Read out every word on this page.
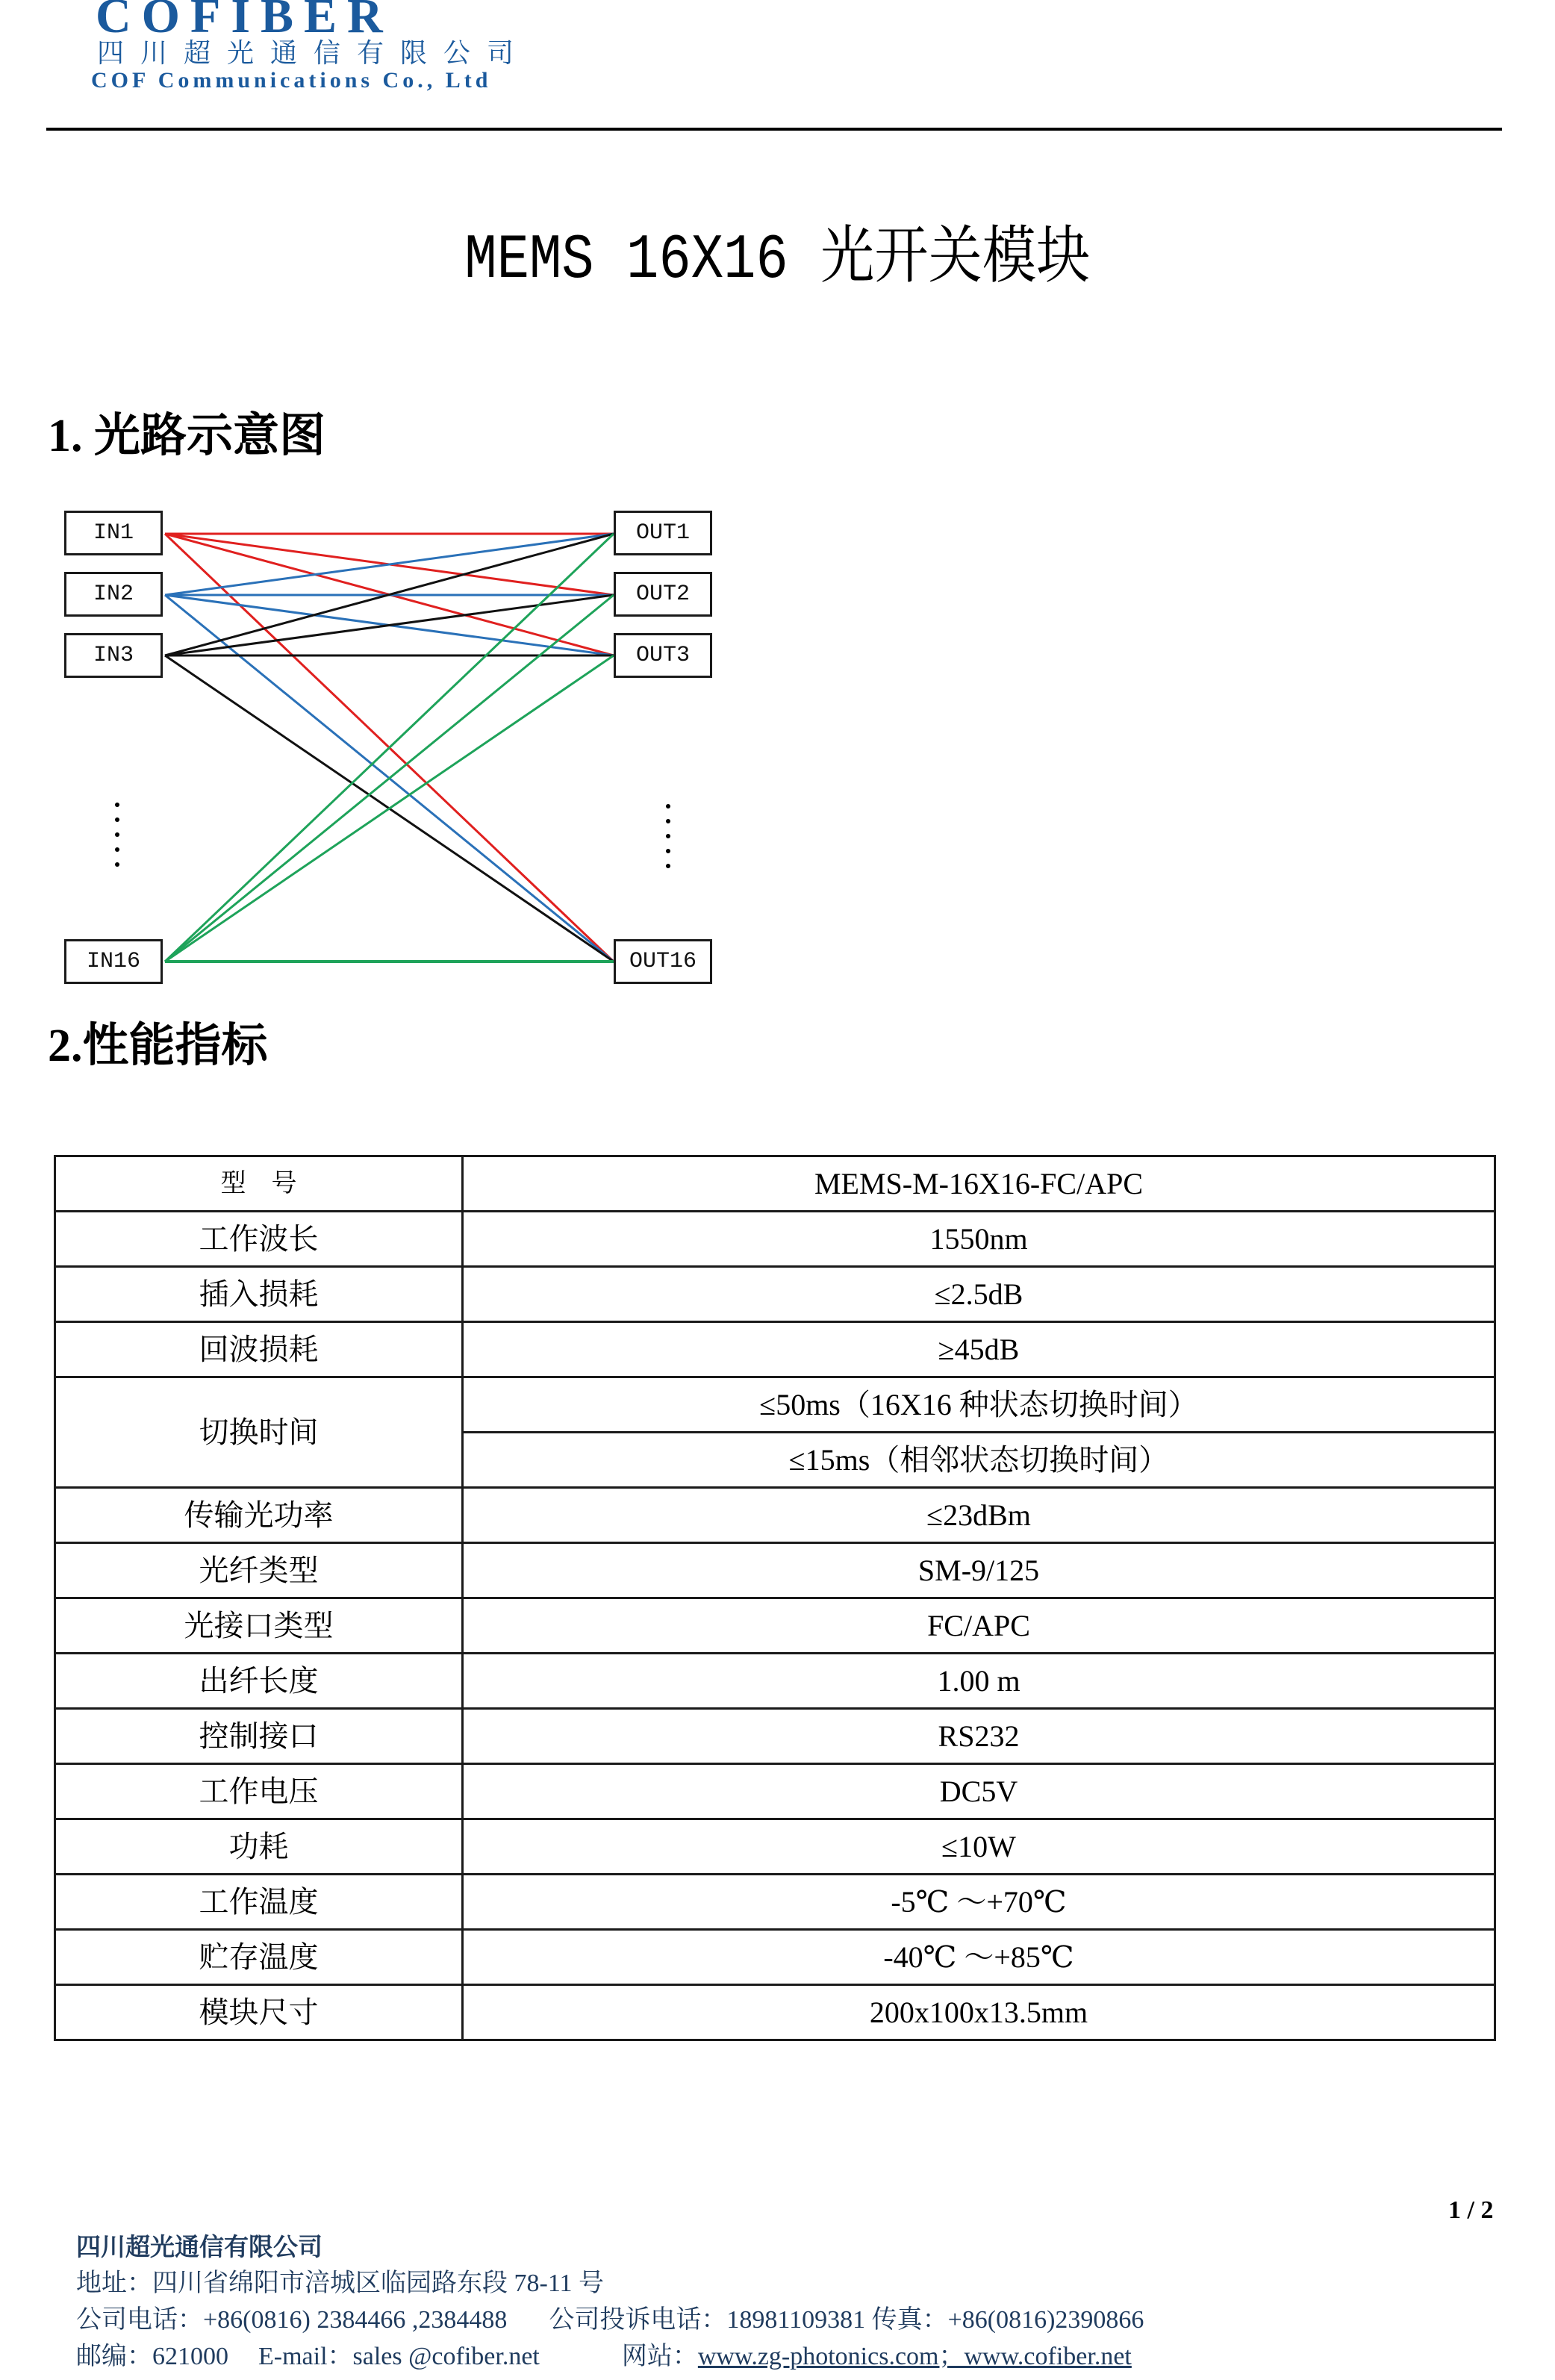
COFIBER
四川超光通信有限公司
COF Communications Co., Ltd
MEMS 16X16 光开关模块
1. 光路示意图
IN1
IN2
IN3
IN16
OUT1
OUT2
OUT3
OUT16
2.性能指标
型　号	MEMS-M-16X16-FC/APC
工作波长	1550nm
插入损耗	≤2.5dB
回波损耗	≥45dB
切换时间	≤50ms（16X16 种状态切换时间）
	≤15ms（相邻状态切换时间）
传输光功率	≤23dBm
光纤类型	SM-9/125
光接口类型	FC/APC
出纤长度	1.00 m
控制接口	RS232
工作电压	DC5V
功耗	≤10W
工作温度	-5℃ ～+70℃
贮存温度	-40℃ ～+85℃
模块尺寸	200x100x13.5mm
1 / 2
四川超光通信有限公司
地址：四川省绵阳市涪城区临园路东段 78-11 号
公司电话：+86(0816) 2384466 ,2384488 公司投诉电话：18981109381 传真：+86(0816)2390866
邮编：621000 E-mail：sales @cofiber.net	网站：www.zg-photonics.com；www.cofiber.net
